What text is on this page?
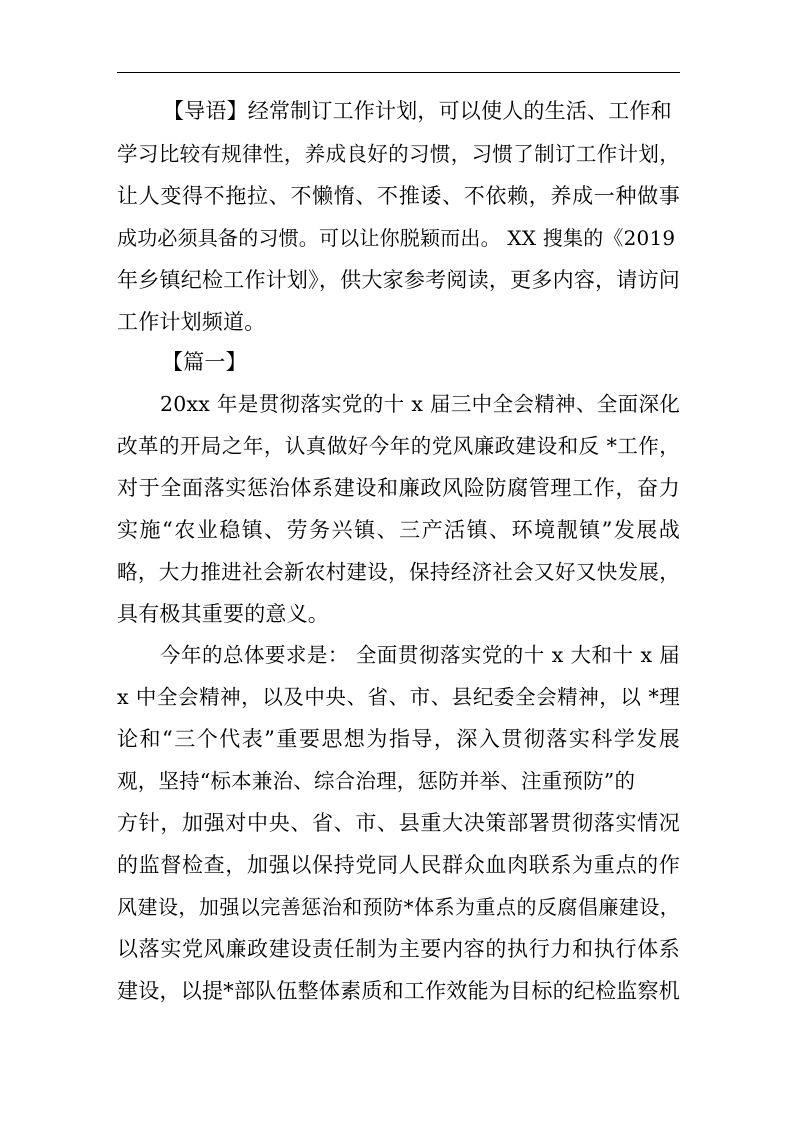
【导语】经常制订工作计划，可以使人的生活、工作和
学习比较有规律性，养成良好的习惯，习惯了制订工作计划，
让人变得不拖拉、不懒惰、不推诿、不依赖，养成一种做事
成功必须具备的习惯。可以让你脱颖而出。 XX 搜集的《2019
年乡镇纪检工作计划》，供大家参考阅读，更多内容，请访问
工作计划频道。
【篇一】
20xx 年是贯彻落实党的十 x 届三中全会精神、全面深化
改革的开局之年，认真做好今年的党风廉政建设和反 *工作，
对于全面落实惩治体系建设和廉政风险防腐管理工作，奋力
实施“农业稳镇、劳务兴镇、三产活镇、环境靓镇”发展战
略，大力推进社会新农村建设，保持经济社会又好又快发展，
具有极其重要的意义。
今年的总体要求是： 全面贯彻落实党的十 x 大和十 x 届
x 中全会精神，以及中央、省、市、县纪委全会精神，以 *理
论和“三个代表”重要思想为指导，深入贯彻落实科学发展
观，坚持“标本兼治、综合治理，惩防并举、注重预防”的
方针，加强对中央、省、市、县重大决策部署贯彻落实情况
的监督检查，加强以保持党同人民群众血肉联系为重点的作
风建设，加强以完善惩治和预防*体系为重点的反腐倡廉建设，
以落实党风廉政建设责任制为主要内容的执行力和执行体系
建设，以提*部队伍整体素质和工作效能为目标的纪检监察机
